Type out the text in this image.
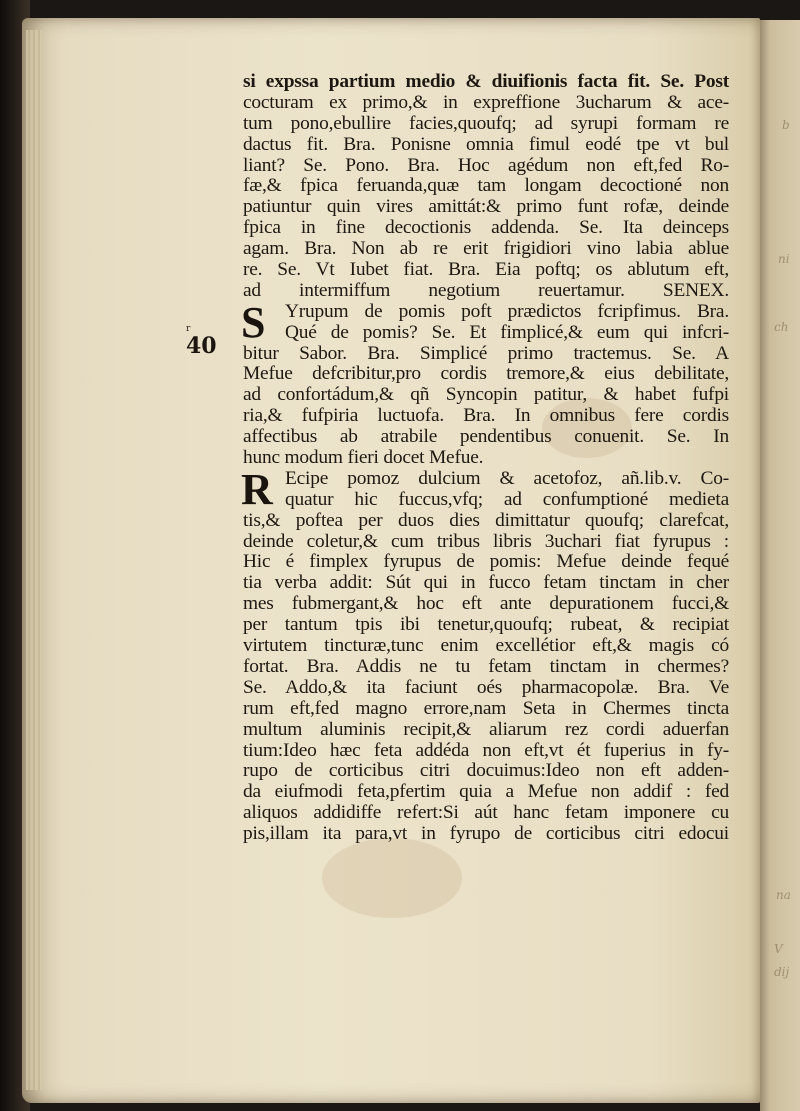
b
ni
ch
na
V
dij
r
40
si expssa partium medio & diuifionis facta fit. Se. Post
cocturam ex primo,& in expreffione 3ucharum & ace-
tum pono,ebullire facies,quoufq; ad syrupi formam re
dactus fit. Bra. Ponisne omnia fimul eodé tpe vt bul
liant? Se. Pono. Bra. Hoc agédum non eft,fed Ro-
fæ,& fpica feruanda,quæ tam longam decoctioné non
patiuntur quin vires amittát:& primo funt rofæ, deinde
fpica in fine decoctionis addenda. Se. Ita deinceps
agam. Bra. Non ab re erit frigidiori vino labia ablue
re. Se. Vt Iubet fiat. Bra. Eia poftq; os ablutum eft,
ad intermiffum negotium reuertamur. SENEX.
S Yrupum de pomis poft prædictos fcripfimus. Bra.
Qué de pomis? Se. Et fimplicé,& eum qui infcri-
bitur Sabor. Bra. Simplicé primo tractemus. Se. A
Mefue defcribitur,pro cordis tremore,& eius debilitate,
ad confortádum,& qñ Syncopin patitur, & habet fufpi
ria,& fufpiria luctuofa. Bra. In omnibus fere cordis
affectibus ab atrabile pendentibus conuenit. Se. In
hunc modum fieri docet Mefue.
R Ecipe pomoz dulcium & acetofoz, añ.lib.v. Co-
quatur hic fuccus,vfq; ad confumptioné medieta
tis,& poftea per duos dies dimittatur quoufq; clarefcat,
deinde coletur,& cum tribus libris 3uchari fiat fyrupus :
Hic é fimplex fyrupus de pomis: Mefue deinde fequé
tia verba addit: Sút qui in fucco fetam tinctam in cher
mes fubmergant,& hoc eft ante depurationem fucci,&
per tantum tpis ibi tenetur,quoufq; rubeat, & recipiat
virtutem tincturæ,tunc enim excellétior eft,& magis có
fortat. Bra. Addis ne tu fetam tinctam in chermes?
Se. Addo,& ita faciunt oés pharmacopolæ. Bra. Ve
rum eft,fed magno errore,nam Seta in Chermes tincta
multum aluminis recipit,& aliarum rez cordi aduerfan
tium:Ideo hæc feta addéda non eft,vt ét fuperius in fy-
rupo de corticibus citri docuimus:Ideo non eft adden-
da eiufmodi feta,pfertim quia a Mefue non addif : fed
aliquos addidiffe refert:Si aút hanc fetam imponere cu
pis,illam ita para,vt in fyrupo de corticibus citri edocui
